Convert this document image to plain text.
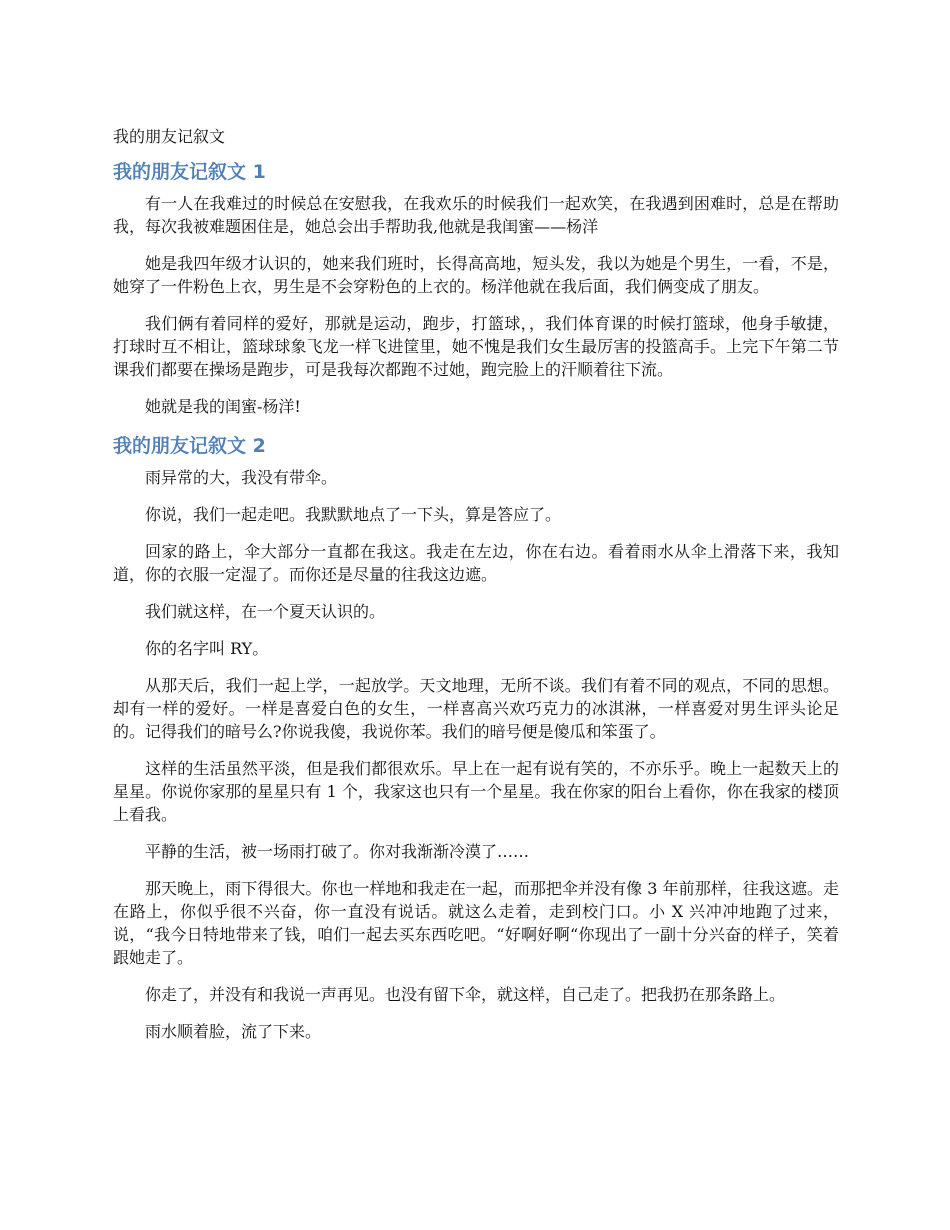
我的朋友记叙文
我的朋友记叙文 1

有一人在我难过的时候总在安慰我，在我欢乐的时候我们一起欢笑，在我遇到困难时，总是在帮助我，每次我被难题困住是，她总会出手帮助我,他就是我闺蜜——杨洋

她是我四年级才认识的，她来我们班时，长得高高地，短头发，我以为她是个男生，一看，不是，她穿了一件粉色上衣，男生是不会穿粉色的上衣的。杨洋他就在我后面，我们俩变成了朋友。

我们俩有着同样的爱好，那就是运动，跑步，打篮球，，我们体育课的时候打篮球，他身手敏捷，打球时互不相让，篮球球象飞龙一样飞进筐里，她不愧是我们女生最厉害的投篮高手。上完下午第二节课我们都要在操场是跑步，可是我每次都跑不过她，跑完脸上的汗顺着往下流。

她就是我的闺蜜-杨洋!

我的朋友记叙文 2

雨异常的大，我没有带伞。

你说，我们一起走吧。我默默地点了一下头，算是答应了。

回家的路上，伞大部分一直都在我这。我走在左边，你在右边。看着雨水从伞上滑落下来，我知道，你的衣服一定湿了。而你还是尽量的往我这边遮。

我们就这样，在一个夏天认识的。

你的名字叫 RY。

从那天后，我们一起上学，一起放学。天文地理，无所不谈。我们有着不同的观点，不同的思想。却有一样的爱好。一样是喜爱白色的女生，一样喜高兴欢巧克力的冰淇淋，一样喜爱对男生评头论足的。记得我们的暗号么?你说我傻，我说你苯。我们的暗号便是傻瓜和笨蛋了。

这样的生活虽然平淡，但是我们都很欢乐。早上在一起有说有笑的，不亦乐乎。晚上一起数天上的星星。你说你家那的星星只有 1 个，我家这也只有一个星星。我在你家的阳台上看你，你在我家的楼顶上看我。

平静的生活，被一场雨打破了。你对我渐渐冷漠了……

那天晚上，雨下得很大。你也一样地和我走在一起，而那把伞并没有像 3 年前那样，往我这遮。走在路上，你似乎很不兴奋，你一直没有说话。就这么走着，走到校门口。小 X 兴冲冲地跑了过来，说，“我今日特地带来了钱，咱们一起去买东西吃吧。“好啊好啊“你现出了一副十分兴奋的样子，笑着跟她走了。

你走了，并没有和我说一声再见。也没有留下伞，就这样，自己走了。把我扔在那条路上。

雨水顺着脸，流了下来。
